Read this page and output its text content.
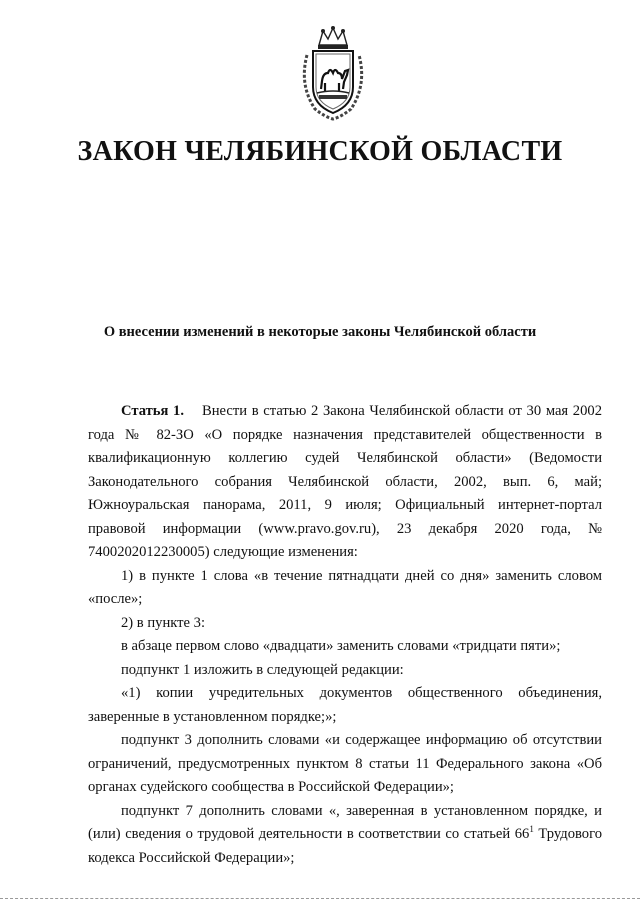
ЗАКОН ЧЕЛЯБИНСКОЙ ОБЛАСТИ
О внесении изменений в некоторые законы Челябинской области

Статья 1. Внести в статью 2 Закона Челябинской области от 30 мая 2002 года № 82-ЗО «О порядке назначения представителей общественности в квалификационную коллегию судей Челябинской области» (Ведомости Законодательного собрания Челябинской области, 2002, вып. 6, май; Южноуральская панорама, 2011, 9 июля; Официальный интернет-портал правовой информации (www.pravo.gov.ru), 23 декабря 2020 года, № 7400202012230005) следующие изменения:

1) в пункте 1 слова «в течение пятнадцати дней со дня» заменить словом «после»;

2) в пункте 3:

в абзаце первом слово «двадцати» заменить словами «тридцати пяти»;

подпункт 1 изложить в следующей редакции:

«1) копии учредительных документов общественного объединения, заверенные в установленном порядке;»;

подпункт 3 дополнить словами «и содержащее информацию об отсутствии ограничений, предусмотренных пунктом 8 статьи 11 Федерального закона «Об органах судейского сообщества в Российской Федерации»;

подпункт 7 дополнить словами «, заверенная в установленном порядке, и (или) сведения о трудовой деятельности в соответствии со статьей $66^1$ Трудового кодекса Российской Федерации»;
